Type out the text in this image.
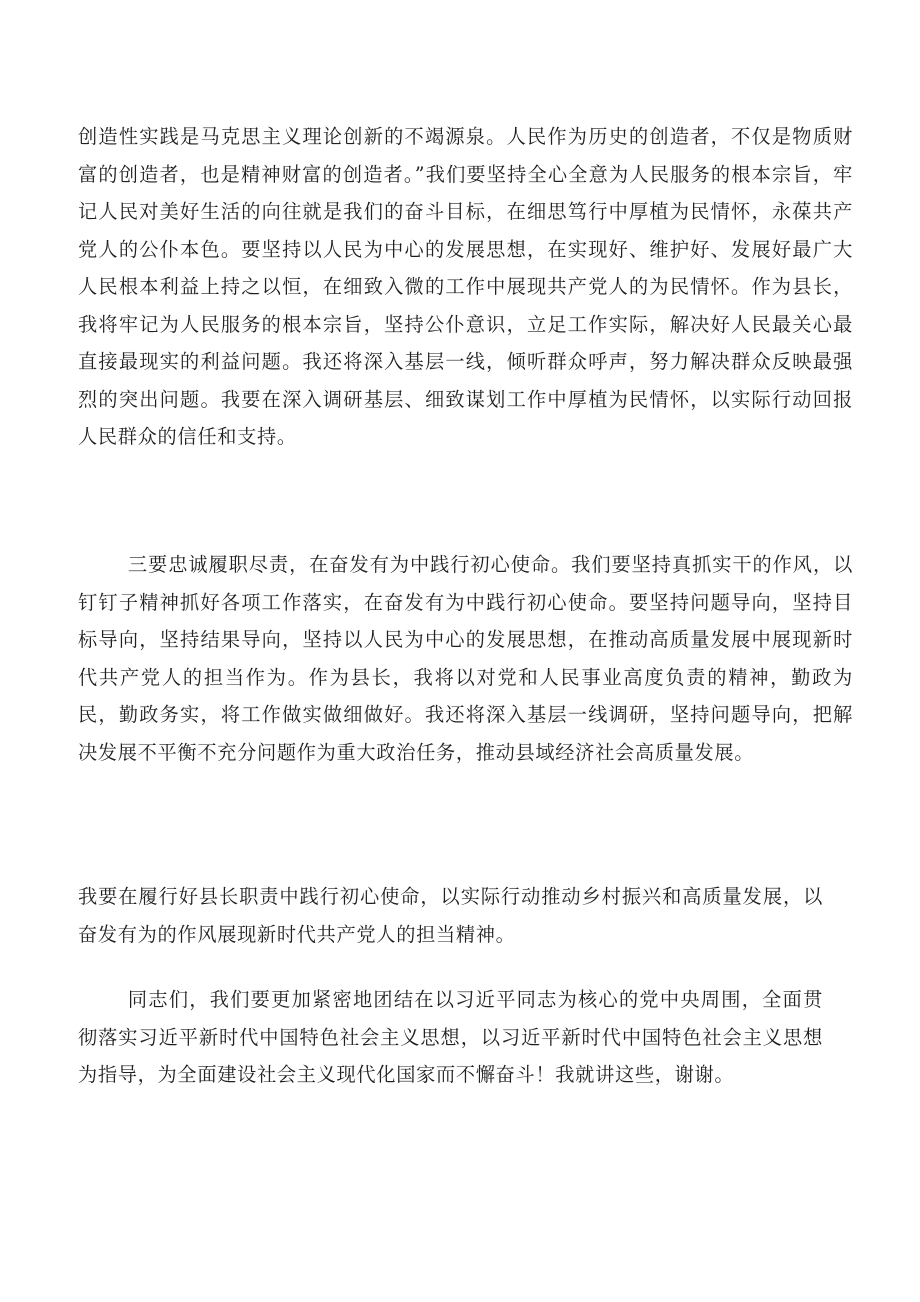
创造性实践是马克思主义理论创新的不竭源泉。人民作为历史的创造者，不仅是物质财富的创造者，也是精神财富的创造者。”我们要坚持全心全意为人民服务的根本宗旨，牢记人民对美好生活的向往就是我们的奋斗目标，在细思笃行中厚植为民情怀，永葆共产党人的公仆本色。要坚持以人民为中心的发展思想，在实现好、维护好、发展好最广大人民根本利益上持之以恒，在细致入微的工作中展现共产党人的为民情怀。作为县长，我将牢记为人民服务的根本宗旨，坚持公仆意识，立足工作实际，解决好人民最关心最直接最现实的利益问题。我还将深入基层一线，倾听群众呼声，努力解决群众反映最强烈的突出问题。我要在深入调研基层、细致谋划工作中厚植为民情怀，以实际行动回报人民群众的信任和支持。

三要忠诚履职尽责，在奋发有为中践行初心使命。我们要坚持真抓实干的作风，以钉钉子精神抓好各项工作落实，在奋发有为中践行初心使命。要坚持问题导向，坚持目标导向，坚持结果导向，坚持以人民为中心的发展思想，在推动高质量发展中展现新时代共产党人的担当作为。作为县长，我将以对党和人民事业高度负责的精神，勤政为民，勤政务实，将工作做实做细做好。我还将深入基层一线调研，坚持问题导向，把解决发展不平衡不充分问题作为重大政治任务，推动县域经济社会高质量发展。

我要在履行好县长职责中践行初心使命，以实际行动推动乡村振兴和高质量发展，以奋发有为的作风展现新时代共产党人的担当精神。

同志们，我们要更加紧密地团结在以习近平同志为核心的党中央周围，全面贯彻落实习近平新时代中国特色社会主义思想，以习近平新时代中国特色社会主义思想为指导，为全面建设社会主义现代化国家而不懈奋斗！我就讲这些，谢谢。
